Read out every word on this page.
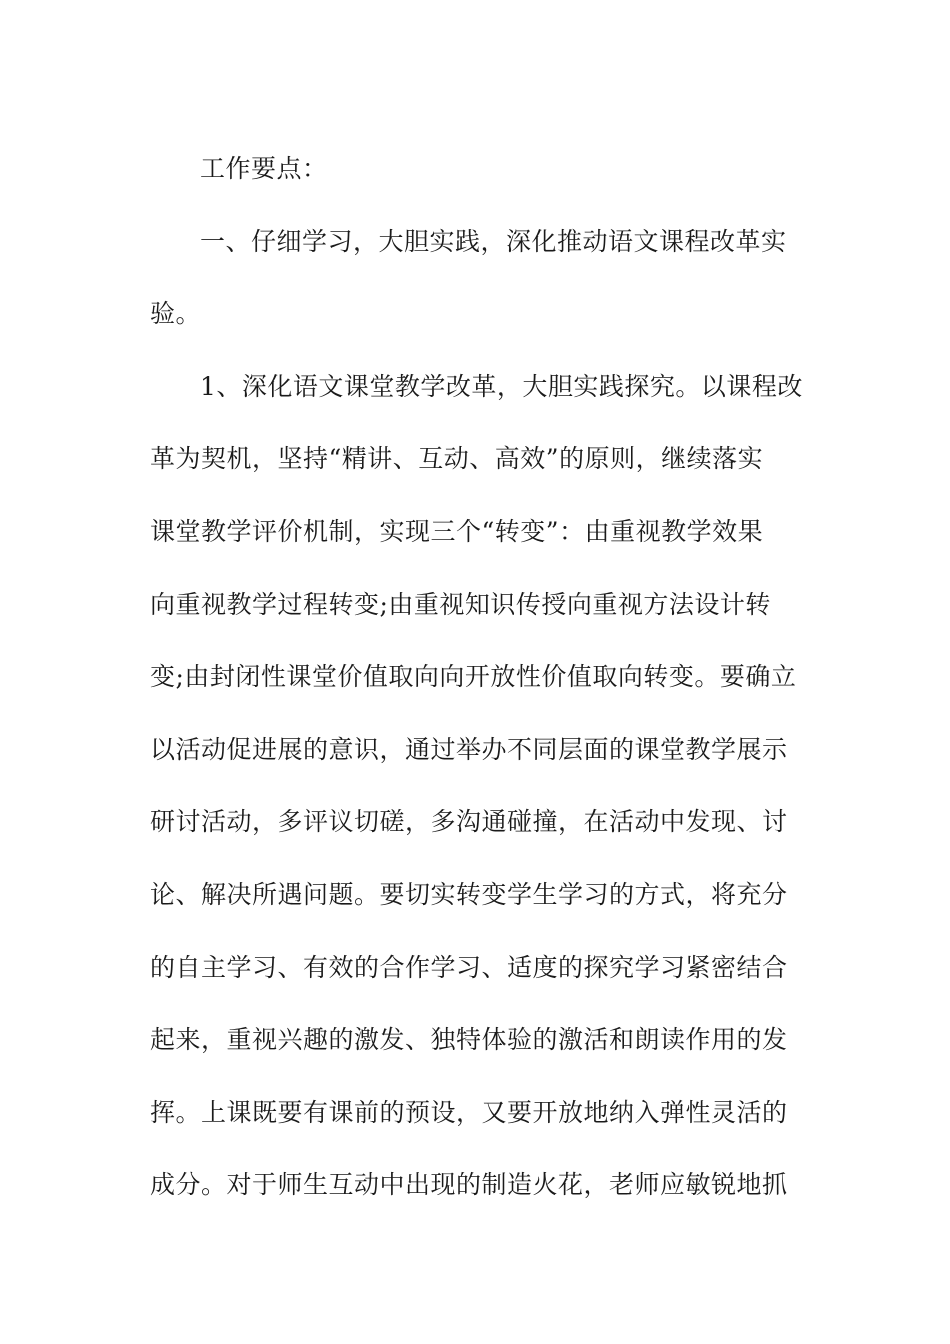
工作要点：
一、仔细学习，大胆实践，深化推动语文课程改革实
验。
1、深化语文课堂教学改革，大胆实践探究。以课程改
革为契机，坚持“精讲、互动、高效”的原则，继续落实
课堂教学评价机制，实现三个“转变”：由重视教学效果
向重视教学过程转变;由重视知识传授向重视方法设计转
变;由封闭性课堂价值取向向开放性价值取向转变。要确立
以活动促进展的意识，通过举办不同层面的课堂教学展示
研讨活动，多评议切磋，多沟通碰撞，在活动中发现、讨
论、解决所遇问题。要切实转变学生学习的方式，将充分
的自主学习、有效的合作学习、适度的探究学习紧密结合
起来，重视兴趣的激发、独特体验的激活和朗读作用的发
挥。上课既要有课前的预设，又要开放地纳入弹性灵活的
成分。对于师生互动中出现的制造火花，老师应敏锐地抓
